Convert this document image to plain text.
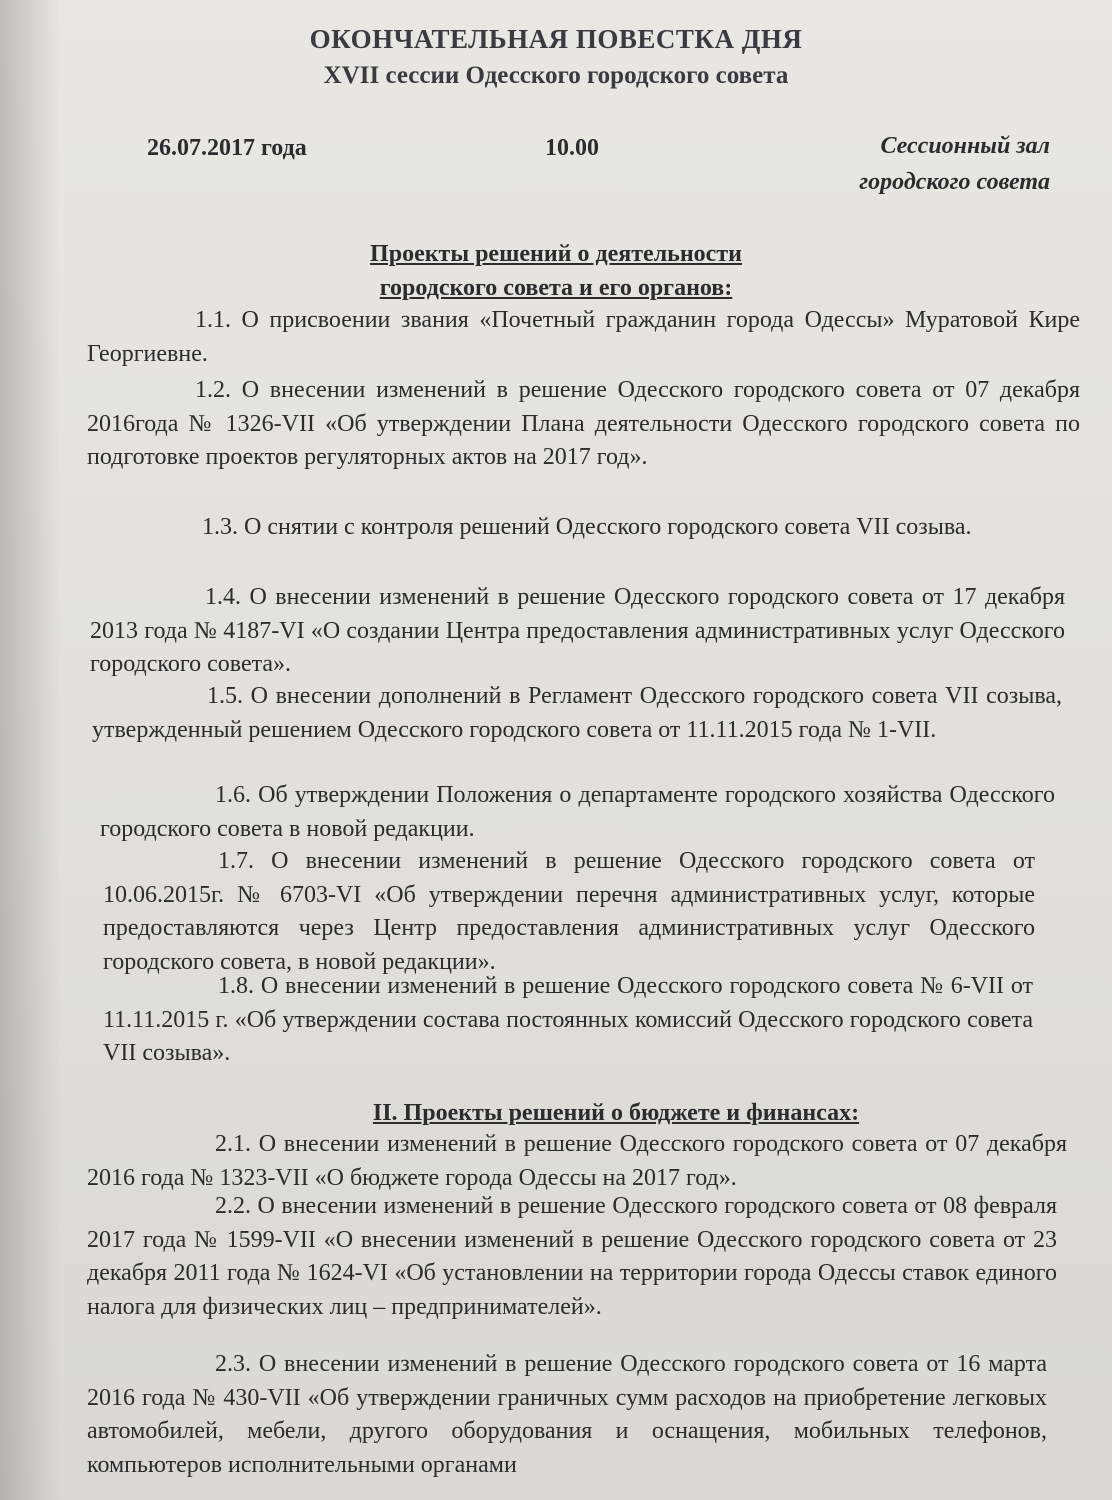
ОКОНЧАТЕЛЬНАЯ ПОВЕСТКА ДНЯ
XVII сессии Одесского городского совета
26.07.2017 года	10.00	Сессионный зал
городского совета
Проекты решений о деятельности
городского совета и его органов:

1.1. О присвоении звания «Почетный гражданин города Одессы» Муратовой Кире Георгиевне.

1.2. О внесении изменений в решение Одесского городского совета от 07 декабря 2016года № 1326-VII «Об утверждении Плана деятельности Одесского городского совета по подготовке проектов регуляторных актов на 2017 год».

1.3. О снятии с контроля решений Одесского городского совета VII созыва.

1.4. О внесении изменений в решение Одесского городского совета от 17 декабря 2013 года № 4187-VI «О создании Центра предоставления административных услуг Одесского городского совета».

1.5. О внесении дополнений в Регламент Одесского городского совета VII созыва, утвержденный решением Одесского городского совета от 11.11.2015 года № 1-VII.

1.6. Об утверждении Положения о департаменте городского хозяйства Одесского городского совета в новой редакции.

1.7. О внесении изменений в решение Одесского городского совета от 10.06.2015г. № 6703-VI «Об утверждении перечня административных услуг, которые предоставляются через Центр предоставления административных услуг Одесского городского совета, в новой редакции».

1.8. О внесении изменений в решение Одесского городского совета № 6-VII от 11.11.2015 г. «Об утверждении состава постоянных комиссий Одесского городского совета VII созыва».

II. Проекты решений о бюджете и финансах:

2.1. О внесении изменений в решение Одесского городского совета от 07 декабря 2016 года № 1323-VII «О бюджете города Одессы на 2017 год».

2.2. О внесении изменений в решение Одесского городского совета от 08 февраля 2017 года № 1599-VII «О внесении изменений в решение Одесского городского совета от 23 декабря 2011 года № 1624-VI «Об установлении на территории города Одессы ставок единого налога для физических лиц – предпринимателей».

2.3. О внесении изменений в решение Одесского городского совета от 16 марта 2016 года № 430-VII «Об утверждении граничных сумм расходов на приобретение легковых автомобилей, мебели, другого оборудования и оснащения, мобильных телефонов, компьютеров исполнительными органами
